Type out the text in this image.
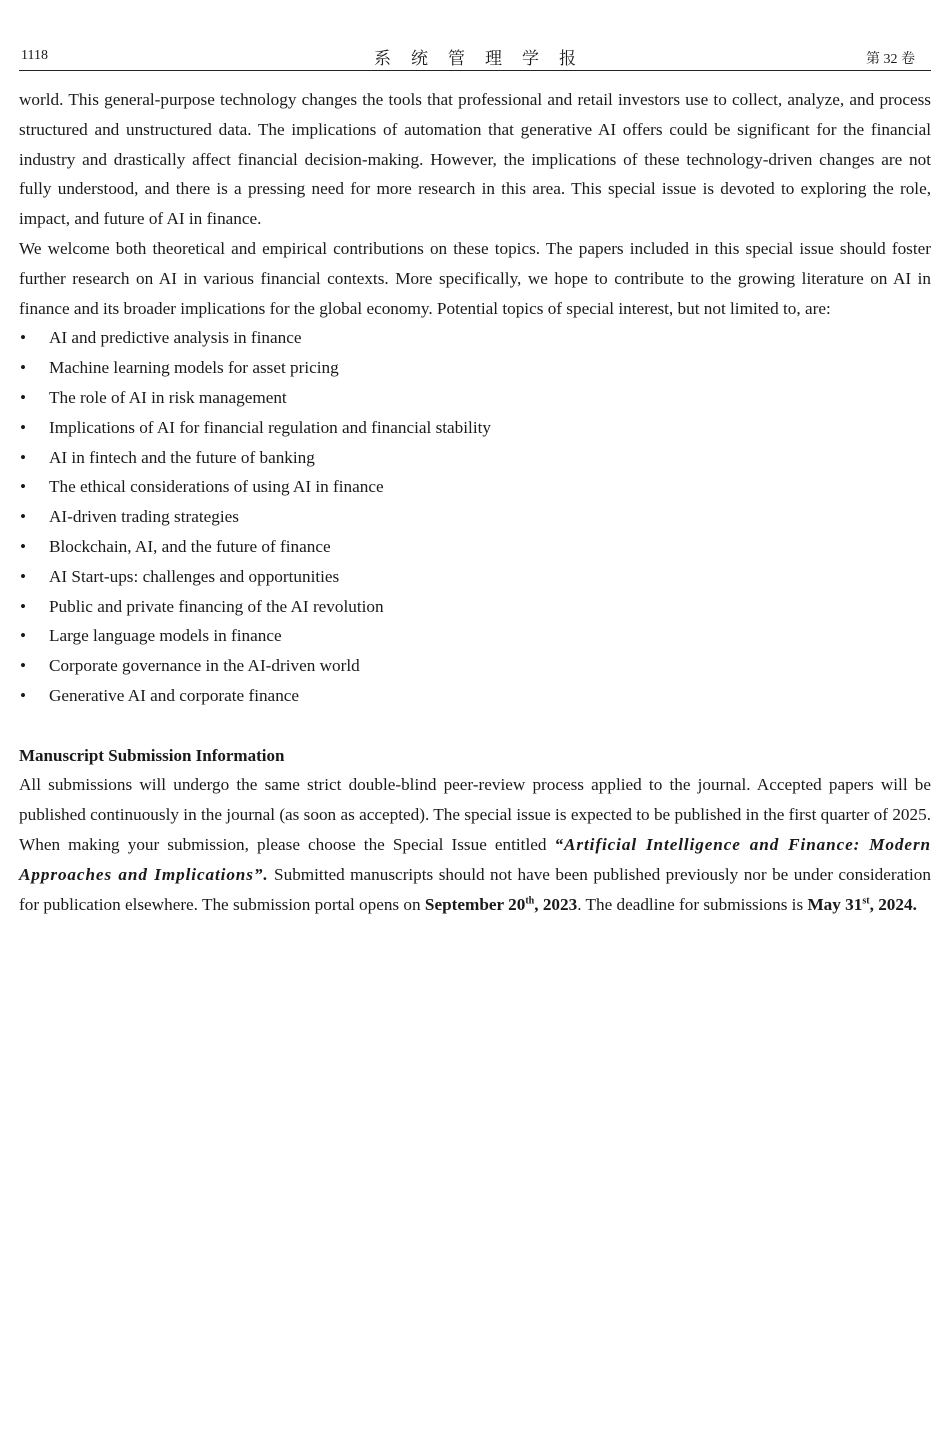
1118	系统管理学报	第 32 卷

world. This general-purpose technology changes the tools that professional and retail investors use to collect, analyze, and process structured and unstructured data. The implications of automation that generative AI offers could be significant for the financial industry and drastically affect financial decision-making. However, the implications of these technology-driven changes are not fully understood, and there is a pressing need for more research in this area. This special issue is devoted to exploring the role, impact, and future of AI in finance.

We welcome both theoretical and empirical contributions on these topics. The papers included in this special issue should foster further research on AI in various financial contexts. More specifically, we hope to contribute to the growing literature on AI in finance and its broader implications for the global economy. Potential topics of special interest, but not limited to, are:

• AI and predictive analysis in finance
• Machine learning models for asset pricing
• The role of AI in risk management
• Implications of AI for financial regulation and financial stability
• AI in fintech and the future of banking
• The ethical considerations of using AI in finance
• AI-driven trading strategies
• Blockchain, AI, and the future of finance
• AI Start-ups: challenges and opportunities
• Public and private financing of the AI revolution
• Large language models in finance
• Corporate governance in the AI-driven world
• Generative AI and corporate finance
Manuscript Submission Information

All submissions will undergo the same strict double-blind peer-review process applied to the journal. Accepted papers will be published continuously in the journal (as soon as accepted). The special issue is expected to be published in the first quarter of 2025. When making your submission, please choose the Special Issue entitled “Artificial Intelligence and Finance: Modern Approaches and Implications”. Submitted manuscripts should not have been published previously nor be under consideration for publication elsewhere. The submission portal opens on September 20th, 2023. The deadline for submissions is May 31st, 2024.
